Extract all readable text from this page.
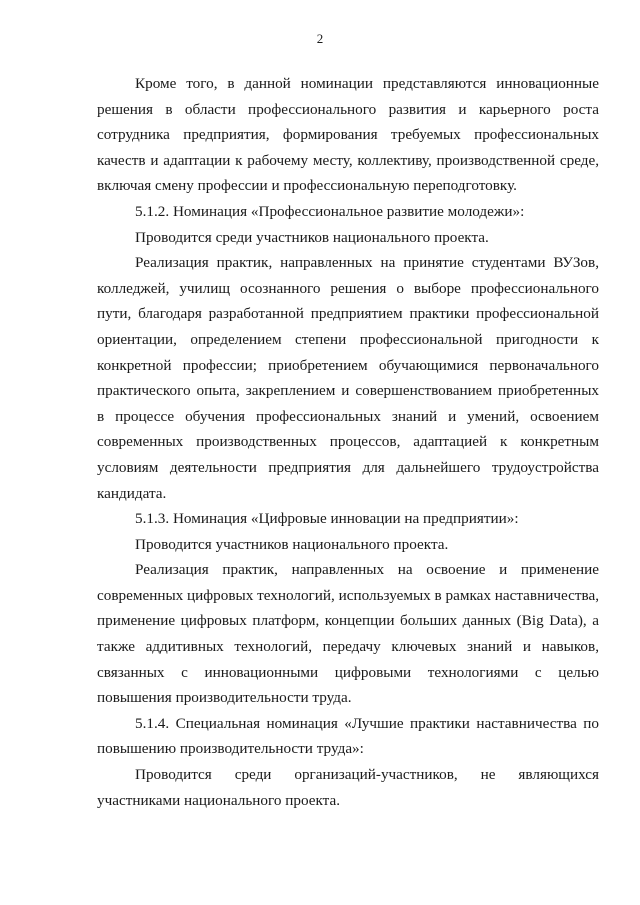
2

Кроме того, в данной номинации представляются инновационные решения в области профессионального развития и карьерного роста сотрудника предприятия, формирования требуемых профессиональных качеств и адаптации к рабочему месту, коллективу, производственной среде, включая смену профессии и профессиональную переподготовку.

5.1.2. Номинация «Профессиональное развитие молодежи»:

Проводится среди участников национального проекта.

Реализация практик, направленных на принятие студентами ВУЗов, колледжей, училищ осознанного решения о выборе профессионального пути, благодаря разработанной предприятием практики профессиональной ориентации, определением степени профессиональной пригодности к конкретной профессии; приобретением обучающимися первоначального практического опыта, закреплением и совершенствованием приобретенных в процессе обучения профессиональных знаний и умений, освоением современных производственных процессов, адаптацией к конкретным условиям деятельности предприятия для дальнейшего трудоустройства кандидата.

5.1.3. Номинация «Цифровые инновации на предприятии»:

Проводится участников национального проекта.

Реализация практик, направленных на освоение и применение современных цифровых технологий, используемых в рамках наставничества, применение цифровых платформ, концепции больших данных (Big Data), а также аддитивных технологий, передачу ключевых знаний и навыков, связанных с инновационными цифровыми технологиями с целью повышения производительности труда.

5.1.4. Специальная номинация «Лучшие практики наставничества по повышению производительности труда»:

Проводится среди организаций-участников, не являющихся участниками национального проекта.
